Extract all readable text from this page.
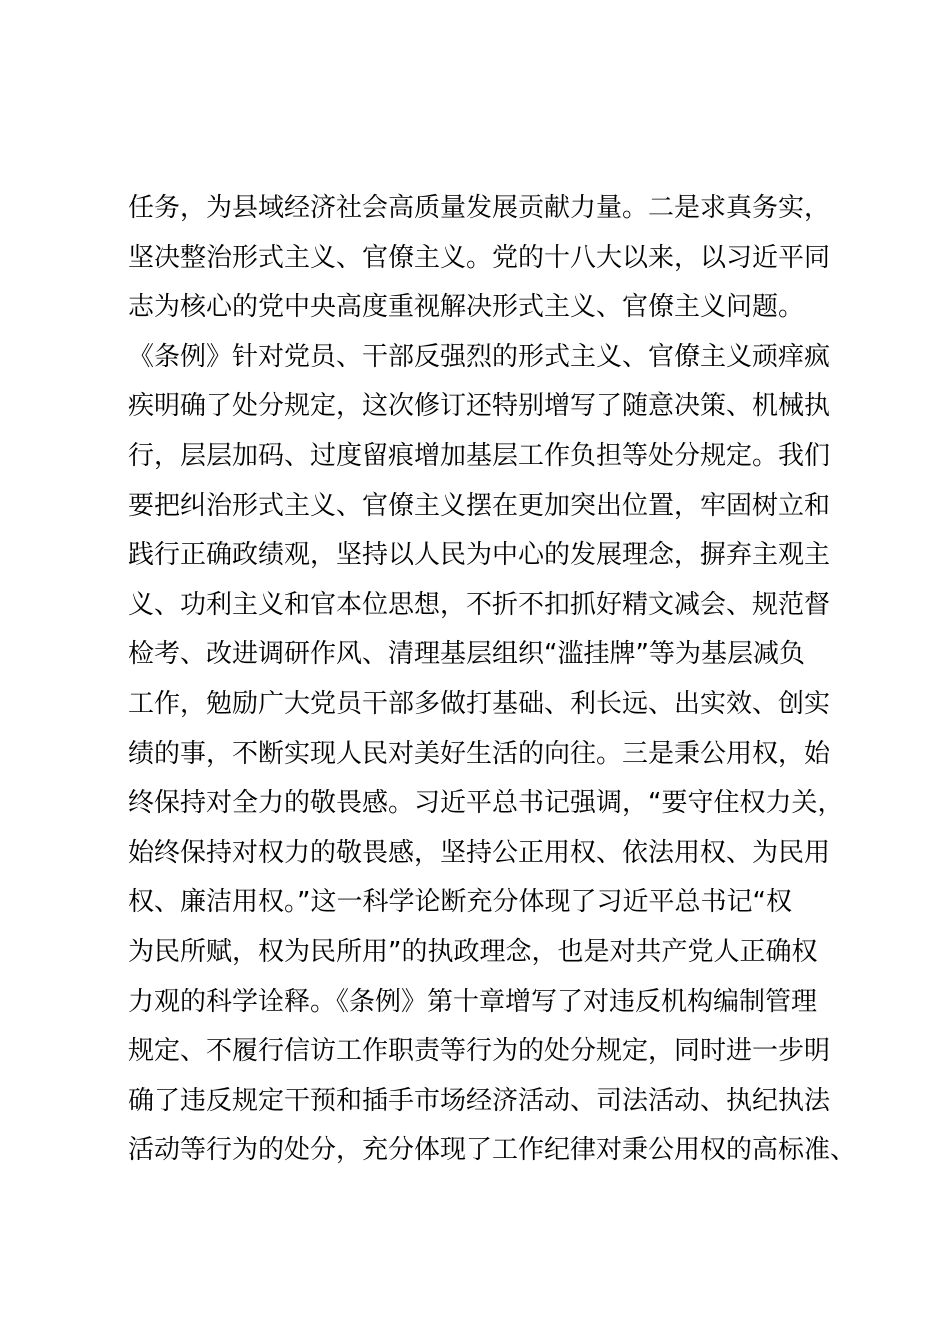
任务，为县域经济社会高质量发展贡献力量。二是求真务实，
坚决整治形式主义、官僚主义。党的十八大以来，以习近平同
志为核心的党中央高度重视解决形式主义、官僚主义问题。
《条例》针对党员、干部反强烈的形式主义、官僚主义顽痒疯
疾明确了处分规定，这次修订还特别增写了随意决策、机械执
行，层层加码、过度留痕增加基层工作负担等处分规定。我们
要把纠治形式主义、官僚主义摆在更加突出位置，牢固树立和
践行正确政绩观，坚持以人民为中心的发展理念，摒弃主观主
义、功利主义和官本位思想，不折不扣抓好精文减会、规范督
检考、改进调研作风、清理基层组织“滥挂牌”等为基层减负
工作，勉励广大党员干部多做打基础、利长远、出实效、创实
绩的事，不断实现人民对美好生活的向往。三是秉公用权，始
终保持对全力的敬畏感。习近平总书记强调，“要守住权力关，
始终保持对权力的敬畏感，坚持公正用权、依法用权、为民用
权、廉洁用权。”这一科学论断充分体现了习近平总书记“权
为民所赋，权为民所用”的执政理念，也是对共产党人正确权
力观的科学诠释。《条例》第十章增写了对违反机构编制管理
规定、不履行信访工作职责等行为的处分规定，同时进一步明
确了违反规定干预和插手市场经济活动、司法活动、执纪执法
活动等行为的处分，充分体现了工作纪律对秉公用权的高标准、
